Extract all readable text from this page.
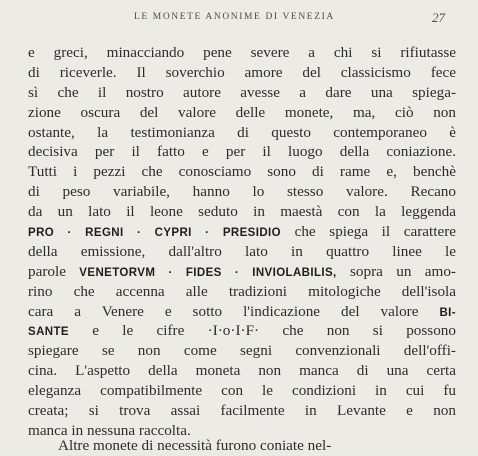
LE MONETE ANONIME DI VENEZIA	27
e greci, minacciando pene severe a chi si rifiutasse
di riceverle. Il soverchio amore del classicismo fece
sì che il nostro autore avesse a dare una spiega-
zione oscura del valore delle monete, ma, ciò non
ostante, la testimonianza di questo contemporaneo è
decisiva per il fatto e per il luogo della coniazione.
Tutti i pezzi che conosciamo sono di rame e, benchè
di peso variabile, hanno lo stesso valore. Recano
da un lato il leone seduto in maestà con la leggenda
PRO · REGNI · CYPRI · PRESIDIO che spiega il carattere
della emissione, dall'altro lato in quattro linee le
parole VENETORVM · FIDES · INVIOLABILIS, sopra un amo-
rino che accenna alle tradizioni mitologiche dell'isola
cara a Venere e sotto l'indicazione del valore BI-
SANTE e le cifre ·I·o·I·F· che non si possono
spiegare se non come segni convenzionali dell'offi-
cina. L'aspetto della moneta non manca di una certa
eleganza compatibilmente con le condizioni in cui fu
creata; si trova assai facilmente in Levante e non
manca in nessuna raccolta.
Altre monete di necessità furono coniate nel-
